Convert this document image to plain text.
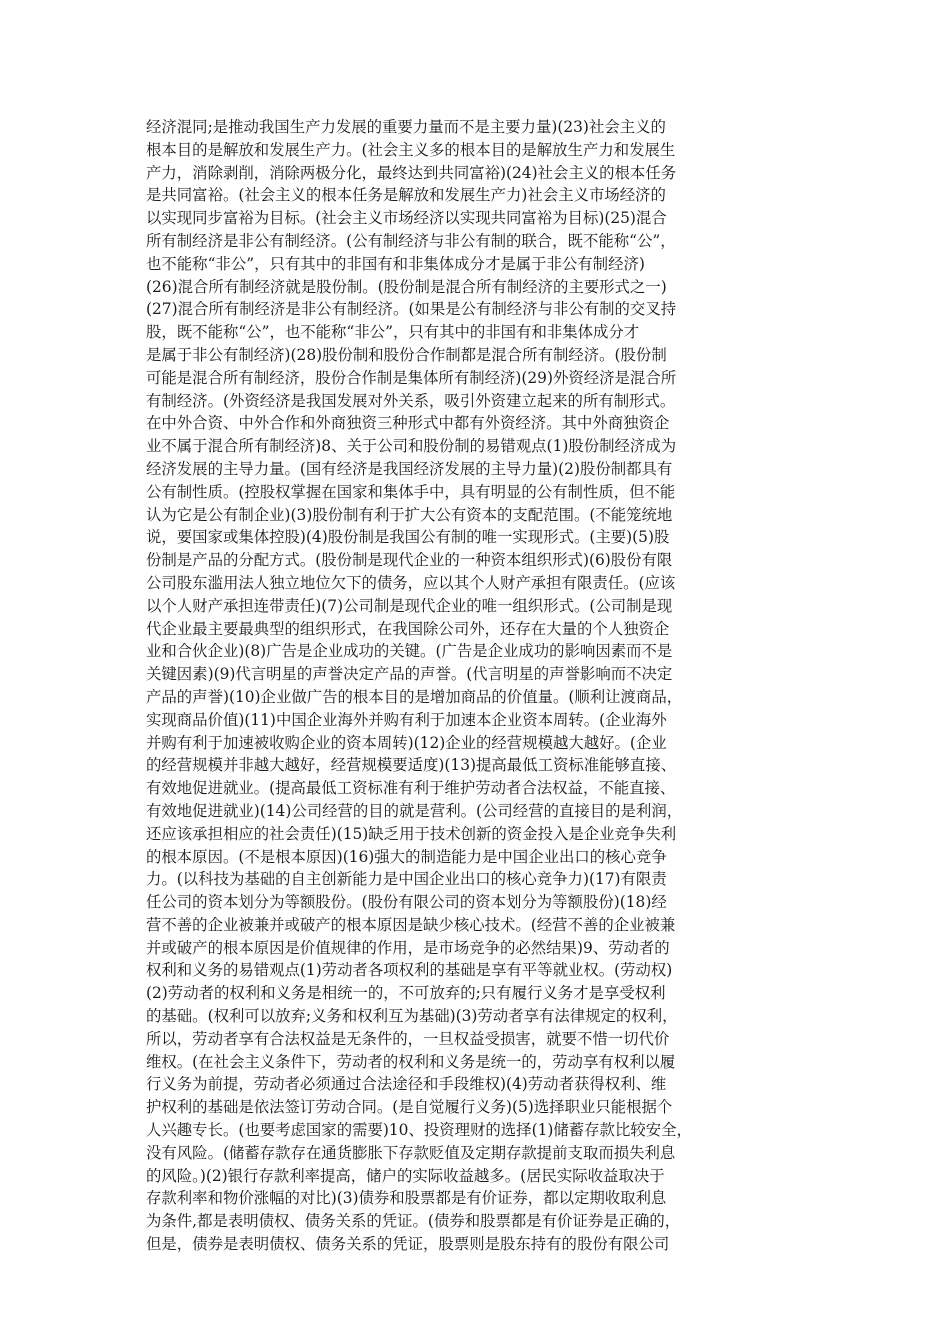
经济混同;是推动我国生产力发展的重要力量而不是主要力量)(23)社会主义的
根本目的是解放和发展生产力。(社会主义多的根本目的是解放生产力和发展生
产力，消除剥削，消除两极分化，最终达到共同富裕)(24)社会主义的根本任务
是共同富裕。(社会主义的根本任务是解放和发展生产力)社会主义市场经济的
以实现同步富裕为目标。(社会主义市场经济以实现共同富裕为目标)(25)混合
所有制经济是非公有制经济。(公有制经济与非公有制的联合，既不能称“公”，
也不能称“非公”，只有其中的非国有和非集体成分才是属于非公有制经济)
(26)混合所有制经济就是股份制。(股份制是混合所有制经济的主要形式之一)
(27)混合所有制经济是非公有制经济。(如果是公有制经济与非公有制的交叉持
股，既不能称“公”，也不能称“非公”，只有其中的非国有和非集体成分才
是属于非公有制经济)(28)股份制和股份合作制都是混合所有制经济。(股份制
可能是混合所有制经济，股份合作制是集体所有制经济)(29)外资经济是混合所
有制经济。(外资经济是我国发展对外关系，吸引外资建立起来的所有制形式。
在中外合资、中外合作和外商独资三种形式中都有外资经济。其中外商独资企
业不属于混合所有制经济)8、关于公司和股份制的易错观点(1)股份制经济成为
经济发展的主导力量。(国有经济是我国经济发展的主导力量)(2)股份制都具有
公有制性质。(控股权掌握在国家和集体手中，具有明显的公有制性质，但不能
认为它是公有制企业)(3)股份制有利于扩大公有资本的支配范围。(不能笼统地
说，要国家或集体控股)(4)股份制是我国公有制的唯一实现形式。(主要)(5)股
份制是产品的分配方式。(股份制是现代企业的一种资本组织形式)(6)股份有限
公司股东滥用法人独立地位欠下的债务，应以其个人财产承担有限责任。(应该
以个人财产承担连带责任)(7)公司制是现代企业的唯一组织形式。(公司制是现
代企业最主要最典型的组织形式，在我国除公司外，还存在大量的个人独资企
业和合伙企业)(8)广告是企业成功的关键。(广告是企业成功的影响因素而不是
关键因素)(9)代言明星的声誉决定产品的声誉。(代言明星的声誉影响而不决定
产品的声誉)(10)企业做广告的根本目的是增加商品的价值量。(顺利让渡商品，
实现商品价值)(11)中国企业海外并购有利于加速本企业资本周转。(企业海外
并购有利于加速被收购企业的资本周转)(12)企业的经营规模越大越好。(企业
的经营规模并非越大越好，经营规模要适度)(13)提高最低工资标准能够直接、
有效地促进就业。(提高最低工资标准有利于维护劳动者合法权益，不能直接、
有效地促进就业)(14)公司经营的目的就是营利。(公司经营的直接目的是利润，
还应该承担相应的社会责任)(15)缺乏用于技术创新的资金投入是企业竞争失利
的根本原因。(不是根本原因)(16)强大的制造能力是中国企业出口的核心竞争
力。(以科技为基础的自主创新能力是中国企业出口的核心竞争力)(17)有限责
任公司的资本划分为等额股份。(股份有限公司的资本划分为等额股份)(18)经
营不善的企业被兼并或破产的根本原因是缺少核心技术。(经营不善的企业被兼
并或破产的根本原因是价值规律的作用，是市场竞争的必然结果)9、劳动者的
权利和义务的易错观点(1)劳动者各项权利的基础是享有平等就业权。(劳动权)
(2)劳动者的权利和义务是相统一的，不可放弃的;只有履行义务才是享受权利
的基础。(权利可以放弃;义务和权利互为基础)(3)劳动者享有法律规定的权利，
所以，劳动者享有合法权益是无条件的，一旦权益受损害，就要不惜一切代价
维权。(在社会主义条件下，劳动者的权利和义务是统一的，劳动享有权利以履
行义务为前提，劳动者必须通过合法途径和手段维权)(4)劳动者获得权利、维
护权利的基础是依法签订劳动合同。(是自觉履行义务)(5)选择职业只能根据个
人兴趣专长。(也要考虑国家的需要)10、投资理财的选择(1)储蓄存款比较安全，
没有风险。(储蓄存款存在通货膨胀下存款贬值及定期存款提前支取而损失利息
的风险。)(2)银行存款利率提高，储户的实际收益越多。(居民实际收益取决于
存款利率和物价涨幅的对比)(3)债券和股票都是有价证券，都以定期收取利息
为条件,都是表明债权、债务关系的凭证。(债券和股票都是有价证券是正确的，
但是，债券是表明债权、债务关系的凭证，股票则是股东持有的股份有限公司
